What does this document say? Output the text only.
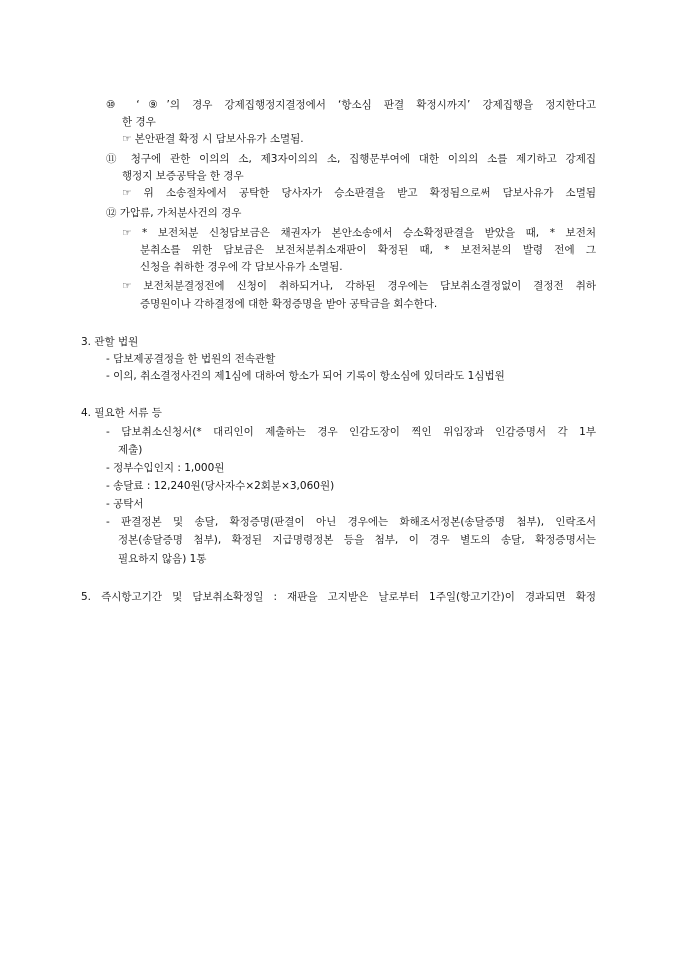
⑩ ‘⑨’의 경우 강제집행정지결정에서 ‘항소심 판결 확정시까지’ 강제집행을 정지한다고
한 경우
☞ 본안판결 확정 시 담보사유가 소멸됨.
⑪ 청구에 관한 이의의 소, 제3자이의의 소, 집행문부여에 대한 이의의 소를 제기하고 강제집
행정지 보증공탁을 한 경우
☞ 위 소송절차에서 공탁한 당사자가 승소판결을 받고 확정됨으로써 담보사유가 소멸됨
⑫ 가압류, 가처분사건의 경우
☞ * 보전처분 신청담보금은 채권자가 본안소송에서 승소확정판결을 받았을 때, * 보전처
분취소를 위한 담보금은 보전처분취소재판이 확정된 때, * 보전처분의 발령 전에 그
신청을 취하한 경우에 각 담보사유가 소멸됨.
☞ 보전처분결정전에 신청이 취하되거나, 각하된 경우에는 담보취소결정없이 결정전 취하
증명원이나 각하결정에 대한 확정증명을 받아 공탁금을 회수한다.
3. 관할 법원
- 담보제공결정을 한 법원의 전속관할
- 이의, 취소결정사건의 제1심에 대하여 항소가 되어 기록이 항소심에 있더라도 1심법원
4. 필요한 서류 등
- 담보취소신청서(* 대리인이 제출하는 경우 인감도장이 찍인 위임장과 인감증명서 각 1부
제출)
- 정부수입인지 : 1,000원
- 송달료 : 12,240원(당사자수×2회분×3,060원)
- 공탁서
- 판결정본 및 송달, 확정증명(판결이 아닌 경우에는 화해조서정본(송달증명 첨부), 인락조서
정본(송달증명 첨부), 확정된 지급명령정본 등을 첨부, 이 경우 별도의 송달, 확정증명서는
필요하지 않음) 1통
5. 즉시항고기간 및 담보취소확정일 : 재판을 고지받은 날로부터 1주일(항고기간)이 경과되면 확정
